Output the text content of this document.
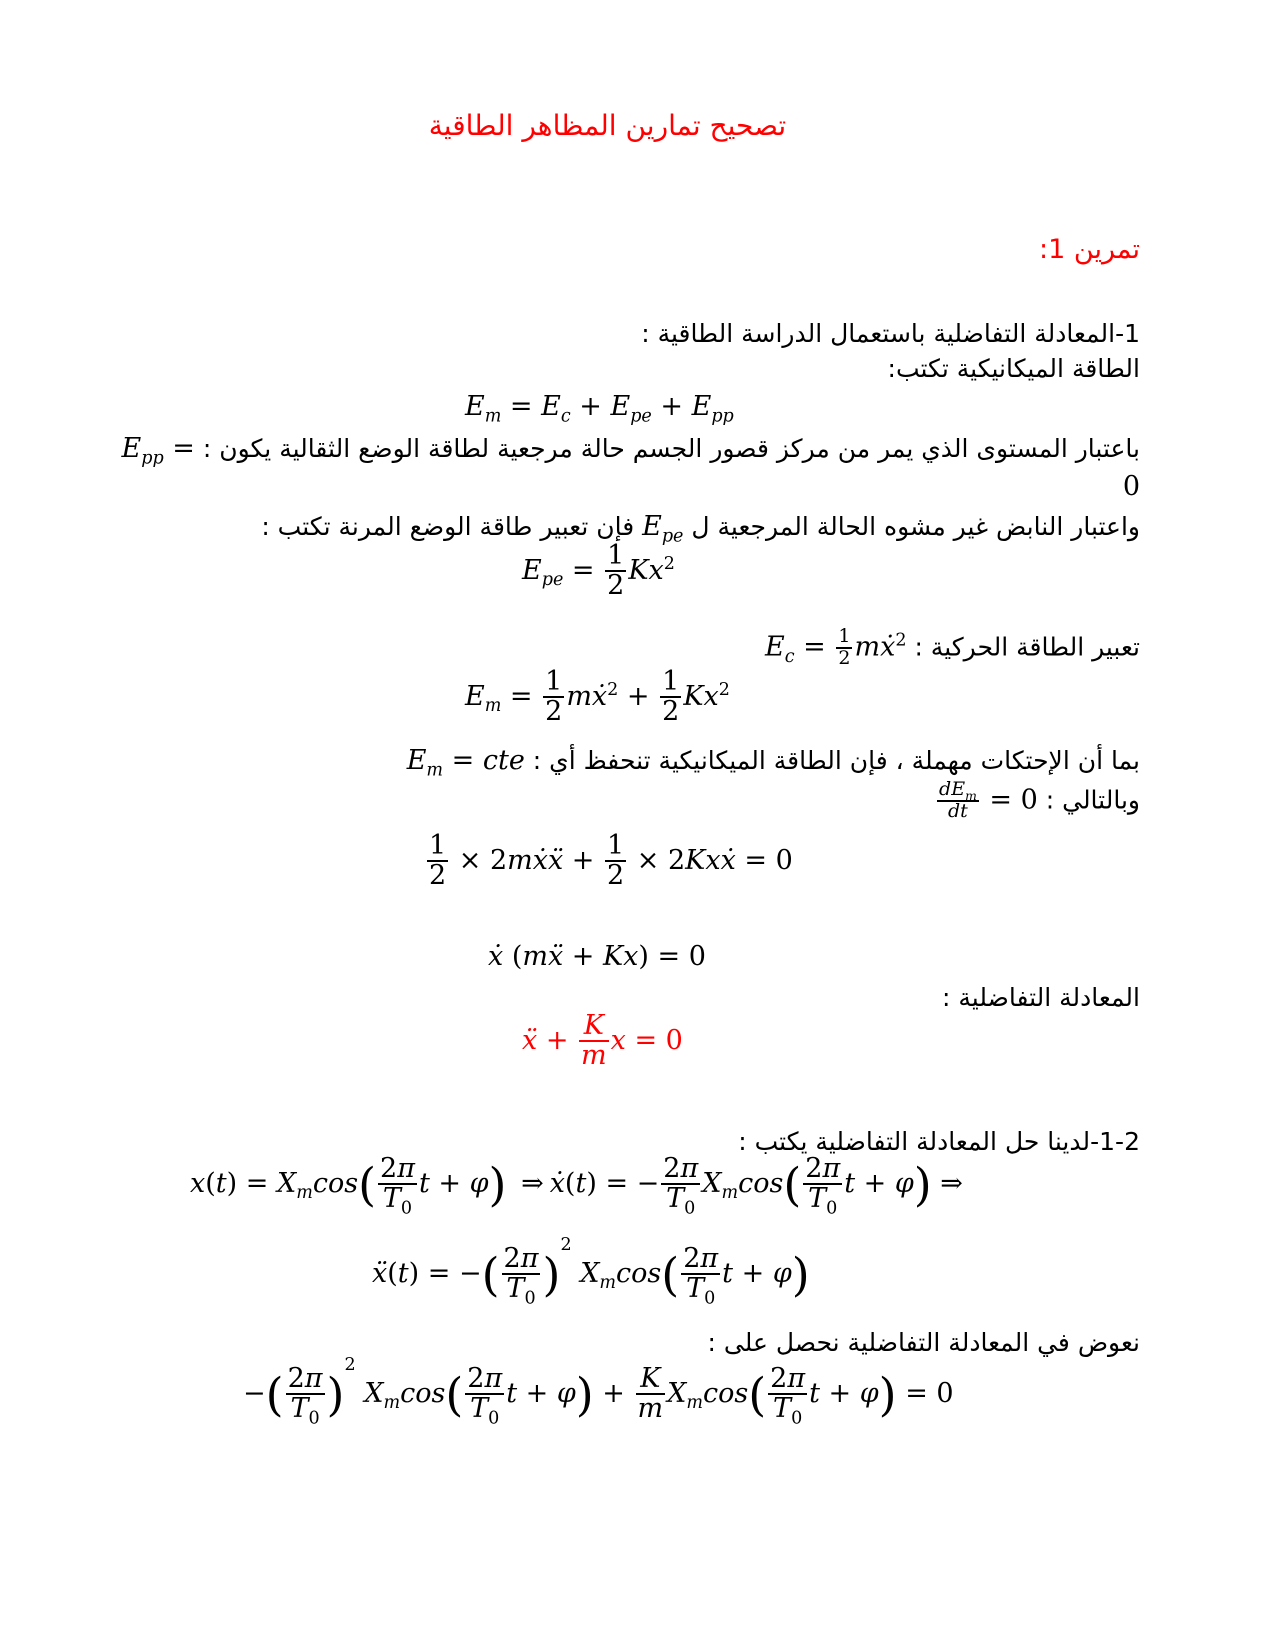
تصحيح تمارين المظاهر الطاقية
تمرين 1:
1-المعادلة التفاضلية باستعمال الدراسة الطاقية :
الطاقة الميكانيكية تكتب:
$E_m = E_c + E_{pe} + E_{pp}$
باعتبار المستوى الذي يمر من مركز قصور الجسم حالة مرجعية لطاقة الوضع الثقالية يكون : $E_{pp}$ =
0
واعتبار النابض غير مشوه الحالة المرجعية ل $E_{pe}$ فإن تعبير طاقة الوضع المرنة تكتب :
$E_{pe} = \frac{1}{2} Kx^2$
تعبير الطاقة الحركية : $E_c = \frac{1}{2}$ mẋ$^2$
$E_m = \frac{1}{2}$ mẋ$^2$ + $\frac{1}{2} Kx^2$
بما أن الإحتكات مهملة ، فإن الطاقة الميكانيكية تنحفظ أي : $E_m$ = cte
وبالتالي :
$\frac{dE_m}{dt} = 0$
$\frac{1}{2}$ × 2mẋẍ + $\frac{1}{2}$ × 2Kxẋ = 0
ẋ (mẍ + Kx) = 0
المعادلة التفاضلية :
ẍ + $\frac{K}{m}$ x = 0
1-2-لدينا حل المعادلة التفاضلية يكتب :
$x(t) = X_m\cos( \frac{2\pi}{T_0}$ t + φ) ⇒ ẋ(t) = − $\frac{2\pi}{T_0} X_m\cos( \frac{2\pi}{T_0}$ t + φ) ⇒
ẍ(t) = −( $\frac{2\pi}{T_0} )^2$ $X_m\cos( \frac{2\pi}{T_0}$ t + φ)
نعوض في المعادلة التفاضلية نحصل على :
−( $\frac{2\pi}{T_0} )^2$ $X_m\cos( \frac{2\pi}{T_0}$ $t + \varphi) + \frac{K}{m} X_m\cos( \frac{2\pi}{T_0}$ t + φ) = 0
